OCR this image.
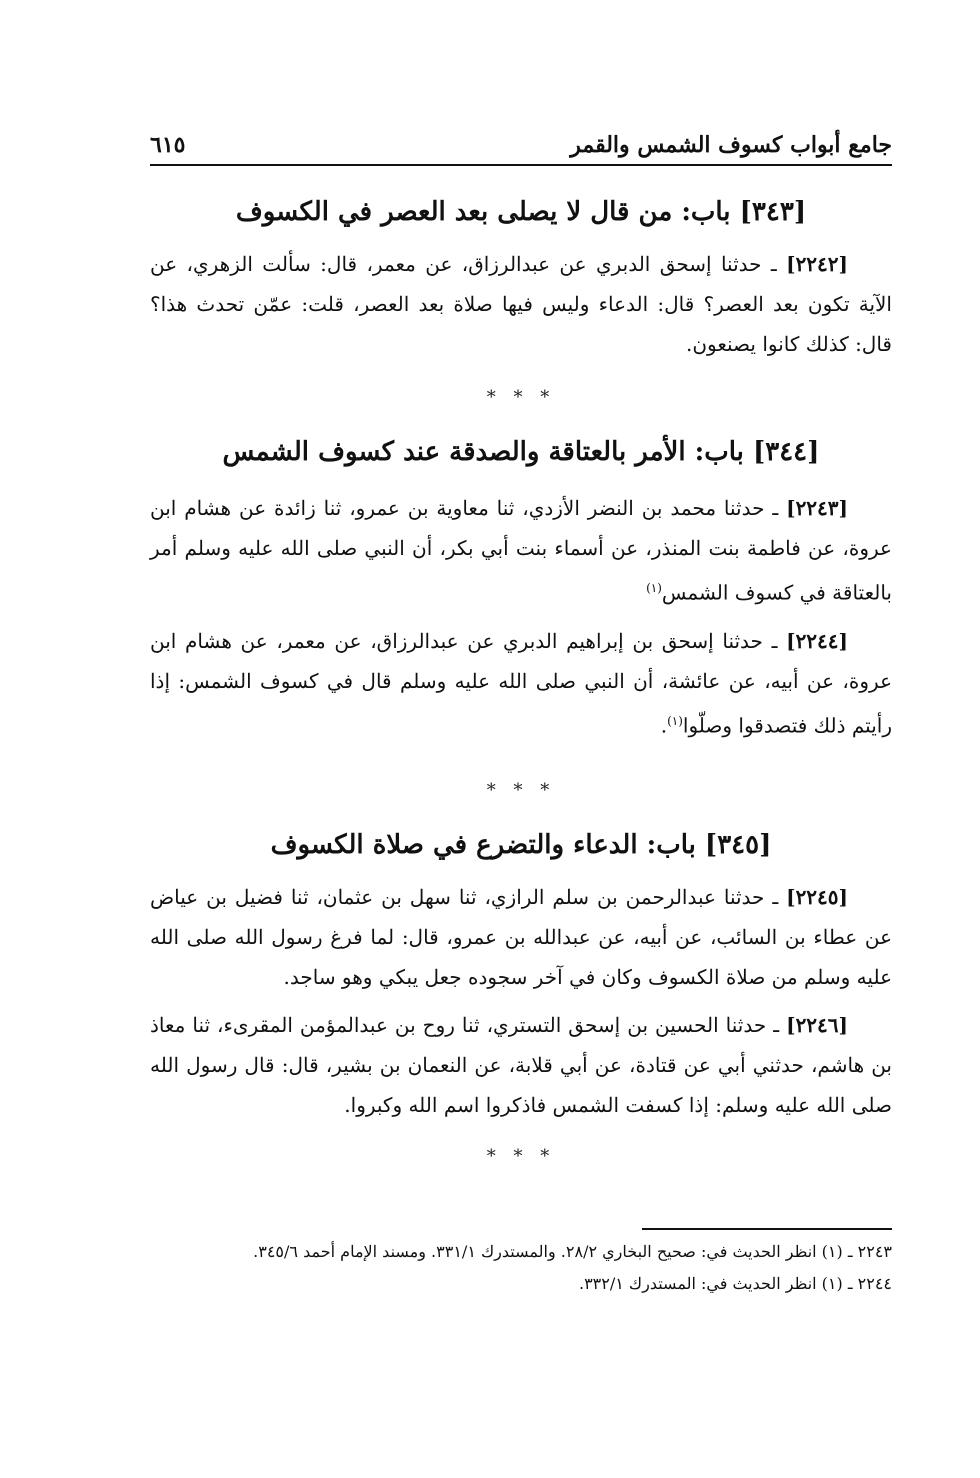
جامع أبواب كسوف الشمس والقمر
٦١٥
[٣٤٣] باب: من قال لا يصلى بعد العصر في الكسوف

[٢٢٤٢] ـ حدثنا إسحق الدبري عن عبدالرزاق، عن معمر، قال: سألت الزهري، عن الآية تكون بعد العصر؟ قال: الدعاء وليس فيها صلاة بعد العصر، قلت: عمّن تحدث هذا؟ قال: كذلك كانوا يصنعون.

* * *
[٣٤٤] باب: الأمر بالعتاقة والصدقة عند كسوف الشمس

[٢٢٤٣] ـ حدثنا محمد بن النضر الأزدي، ثنا معاوية بن عمرو، ثنا زائدة عن هشام ابن عروة، عن فاطمة بنت المنذر، عن أسماء بنت أبي بكر، أن النبي صلى الله عليه وسلم أمر بالعتاقة في كسوف الشمس$^{(١)}$

[٢٢٤٤] ـ حدثنا إسحق بن إبراهيم الدبري عن عبدالرزاق، عن معمر، عن هشام ابن عروة، عن أبيه، عن عائشة، أن النبي صلى الله عليه وسلم قال في كسوف الشمس: إذا رأيتم ذلك فتصدقوا وصلّوا$^{(١)}$.

* * *
[٣٤٥] باب: الدعاء والتضرع في صلاة الكسوف

[٢٢٤٥] ـ حدثنا عبدالرحمن بن سلم الرازي، ثنا سهل بن عثمان، ثنا فضيل بن عياض عن عطاء بن السائب، عن أبيه، عن عبدالله بن عمرو، قال: لما فرغ رسول الله صلى الله عليه وسلم من صلاة الكسوف وكان في آخر سجوده جعل يبكي وهو ساجد.

[٢٢٤٦] ـ حدثنا الحسين بن إسحق التستري، ثنا روح بن عبدالمؤمن المقرىء، ثنا معاذ بن هاشم، حدثني أبي عن قتادة، عن أبي قلابة، عن النعمان بن بشير، قال: قال رسول الله صلى الله عليه وسلم: إذا كسفت الشمس فاذكروا اسم الله وكبروا.

* * *

٢٢٤٣ ـ (١) انظر الحديث في: صحيح البخاري ٢٨/٢. والمستدرك ٣٣١/١. ومسند الإمام أحمد ٣٤٥/٦.

٢٢٤٤ ـ (١) انظر الحديث في: المستدرك ٣٣٢/١.
